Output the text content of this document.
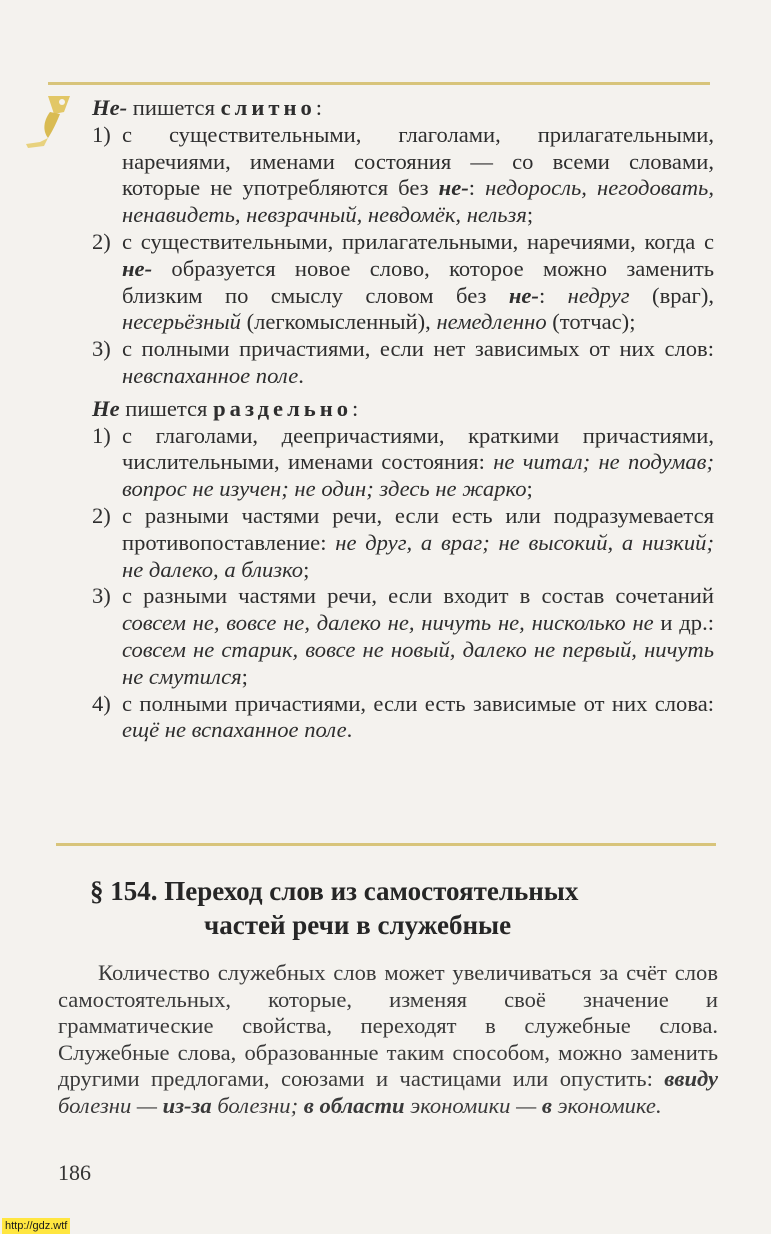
Не- пишется слитно:

1) с существительными, глаголами, прилагательными, наречиями, именами состояния — со всеми словами, которые не употребляются без не-: недоросль, негодовать, ненавидеть, невзрачный, невдомёк, нельзя;
2) с существительными, прилагательными, наречиями, когда с не- образуется новое слово, которое можно заменить близким по смыслу словом без не-: недруг (враг), несерьёзный (легкомысленный), немедленно (тотчас);
3) с полными причастиями, если нет зависимых от них слов: невспаханное поле.

Не пишется раздельно:

1) с глаголами, деепричастиями, краткими причастиями, числительными, именами состояния: не читал; не подумав; вопрос не изучен; не один; здесь не жарко;
2) с разными частями речи, если есть или подразумевается противопоставление: не друг, а враг; не высокий, а низкий; не далеко, а близко;
3) с разными частями речи, если входит в состав сочетаний совсем не, вовсе не, далеко не, ничуть не, нисколько не и др.: совсем не старик, вовсе не новый, далеко не первый, ничуть не смутился;
4) с полными причастиями, если есть зависимые от них слова: ещё не вспаханное поле.
§ 154. Переход слов из самостоятельных
частей речи в служебные

Количество служебных слов может увеличиваться за счёт слов самостоятельных, которые, изменяя своё значение и грамматические свойства, переходят в служебные слова. Служебные слова, образованные таким способом, можно заменить другими предлогами, союзами и частицами или опустить: ввиду болезни — из-за болезни; в области экономики — в экономике.

186
http://gdz.wtf
